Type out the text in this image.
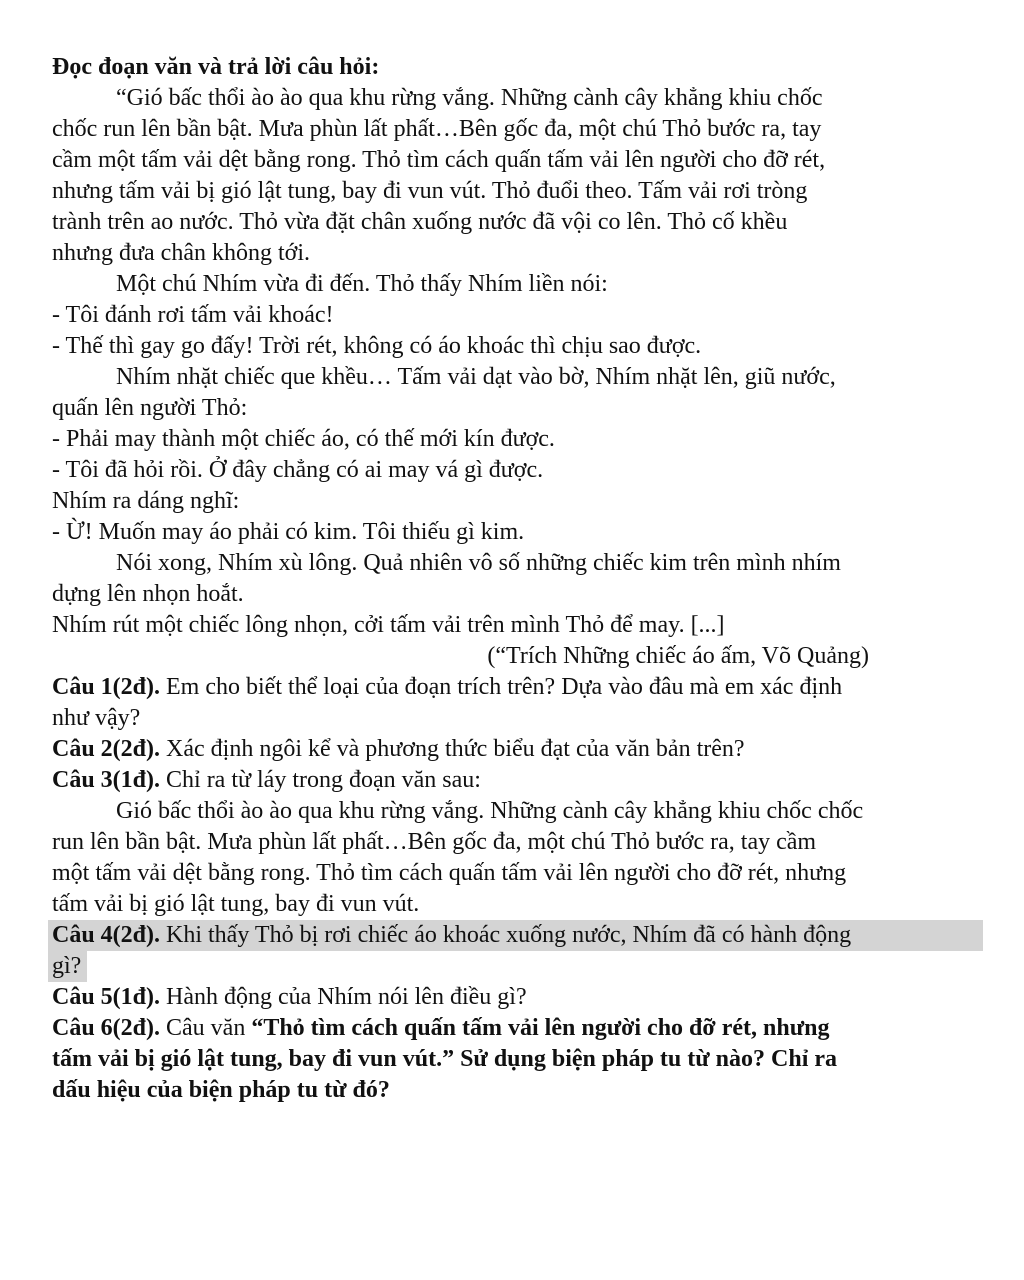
Đọc đoạn văn và trả lời câu hỏi:
“Gió bấc thổi ào ào qua khu rừng vắng. Những cành cây khẳng khiu chốc
chốc run lên bần bật. Mưa phùn lất phất…Bên gốc đa, một chú Thỏ bước ra, tay
cầm một tấm vải dệt bằng rong. Thỏ tìm cách quấn tấm vải lên người cho đỡ rét,
nhưng tấm vải bị gió lật tung, bay đi vun vút. Thỏ đuổi theo. Tấm vải rơi tròng
trành trên ao nước. Thỏ vừa đặt chân xuống nước đã vội co lên. Thỏ cố khều
nhưng đưa chân không tới.
Một chú Nhím vừa đi đến. Thỏ thấy Nhím liền nói:
- Tôi đánh rơi tấm vải khoác!
- Thế thì gay go đấy! Trời rét, không có áo khoác thì chịu sao được.
Nhím nhặt chiếc que khều… Tấm vải dạt vào bờ, Nhím nhặt lên, giũ nước,
quấn lên người Thỏ:
- Phải may thành một chiếc áo, có thế mới kín được.
- Tôi đã hỏi rồi. Ở đây chẳng có ai may vá gì được.
Nhím ra dáng nghĩ:
- Ừ! Muốn may áo phải có kim. Tôi thiếu gì kim.
Nói xong, Nhím xù lông. Quả nhiên vô số những chiếc kim trên mình nhím
dựng lên nhọn hoắt.
Nhím rút một chiếc lông nhọn, cởi tấm vải trên mình Thỏ để may. [...]
(“Trích Những chiếc áo ấm, Võ Quảng)
Câu 1(2đ). Em cho biết thể loại của đoạn trích trên? Dựa vào đâu mà em xác định
như vậy?
Câu 2(2đ). Xác định ngôi kể và phương thức biểu đạt của văn bản trên?
Câu 3(1đ). Chỉ ra từ láy trong đoạn văn sau:
Gió bấc thổi ào ào qua khu rừng vắng. Những cành cây khẳng khiu chốc chốc
run lên bần bật. Mưa phùn lất phất…Bên gốc đa, một chú Thỏ bước ra, tay cầm
một tấm vải dệt bằng rong. Thỏ tìm cách quấn tấm vải lên người cho đỡ rét, nhưng
tấm vải bị gió lật tung, bay đi vun vút.
Câu 4(2đ). Khi thấy Thỏ bị rơi chiếc áo khoác xuống nước, Nhím đã có hành động
gì?
Câu 5(1đ). Hành động của Nhím nói lên điều gì?
Câu 6(2đ). Câu văn “Thỏ tìm cách quấn tấm vải lên người cho đỡ rét, nhưng
tấm vải bị gió lật tung, bay đi vun vút.” Sử dụng biện pháp tu từ nào? Chỉ ra
dấu hiệu của biện pháp tu từ đó?
